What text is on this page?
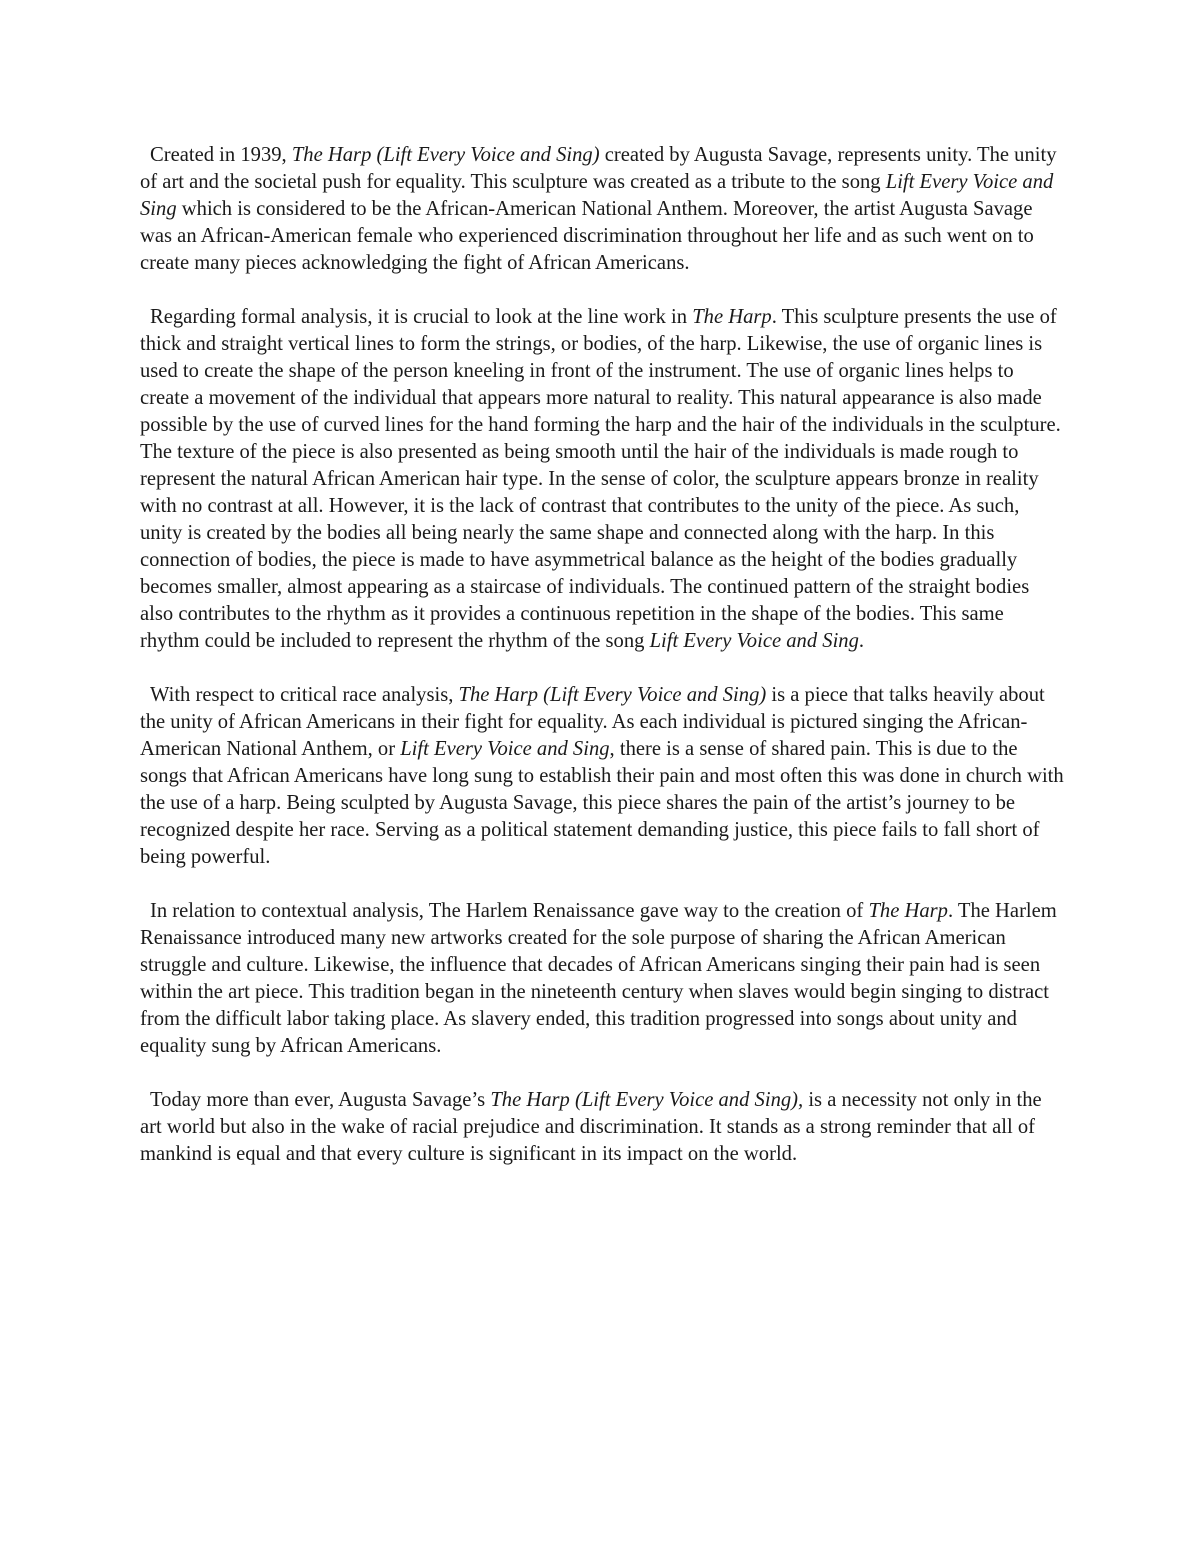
Created in 1939, The Harp (Lift Every Voice and Sing) created by Augusta Savage, represents unity. The unity of art and the societal push for equality. This sculpture was created as a tribute to the song Lift Every Voice and Sing which is considered to be the African-American National Anthem. Moreover, the artist Augusta Savage was an African-American female who experienced discrimination throughout her life and as such went on to create many pieces acknowledging the fight of African Americans.

Regarding formal analysis, it is crucial to look at the line work in The Harp. This sculpture presents the use of thick and straight vertical lines to form the strings, or bodies, of the harp. Likewise, the use of organic lines is used to create the shape of the person kneeling in front of the instrument. The use of organic lines helps to create a movement of the individual that appears more natural to reality. This natural appearance is also made possible by the use of curved lines for the hand forming the harp and the hair of the individuals in the sculpture. The texture of the piece is also presented as being smooth until the hair of the individuals is made rough to represent the natural African American hair type. In the sense of color, the sculpture appears bronze in reality with no contrast at all. However, it is the lack of contrast that contributes to the unity of the piece. As such, unity is created by the bodies all being nearly the same shape and connected along with the harp. In this connection of bodies, the piece is made to have asymmetrical balance as the height of the bodies gradually becomes smaller, almost appearing as a staircase of individuals. The continued pattern of the straight bodies also contributes to the rhythm as it provides a continuous repetition in the shape of the bodies. This same rhythm could be included to represent the rhythm of the song Lift Every Voice and Sing.

With respect to critical race analysis, The Harp (Lift Every Voice and Sing) is a piece that talks heavily about the unity of African Americans in their fight for equality. As each individual is pictured singing the African-American National Anthem, or Lift Every Voice and Sing, there is a sense of shared pain. This is due to the songs that African Americans have long sung to establish their pain and most often this was done in church with the use of a harp. Being sculpted by Augusta Savage, this piece shares the pain of the artist’s journey to be recognized despite her race. Serving as a political statement demanding justice, this piece fails to fall short of being powerful.

In relation to contextual analysis, The Harlem Renaissance gave way to the creation of The Harp. The Harlem Renaissance introduced many new artworks created for the sole purpose of sharing the African American struggle and culture. Likewise, the influence that decades of African Americans singing their pain had is seen within the art piece. This tradition began in the nineteenth century when slaves would begin singing to distract from the difficult labor taking place. As slavery ended, this tradition progressed into songs about unity and equality sung by African Americans.

Today more than ever, Augusta Savage’s The Harp (Lift Every Voice and Sing), is a necessity not only in the art world but also in the wake of racial prejudice and discrimination. It stands as a strong reminder that all of mankind is equal and that every culture is significant in its impact on the world.
